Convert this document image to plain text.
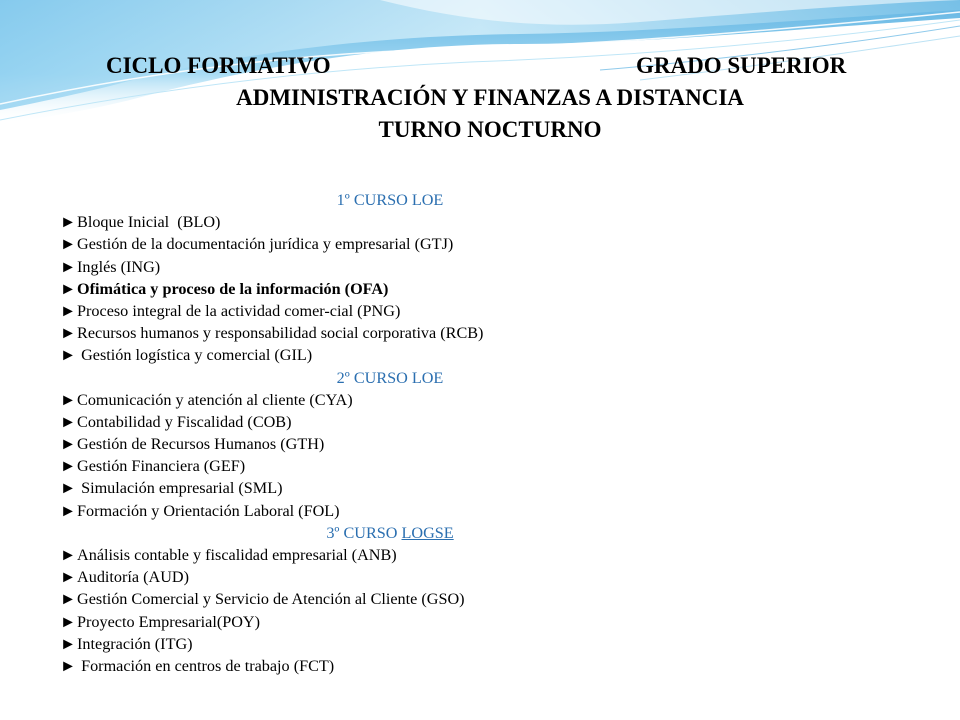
CICLO FORMATIVO	GRADO SUPERIOR
ADMINISTRACIÓN Y FINANZAS A DISTANCIA
TURNO NOCTURNO
1º CURSO LOE
►Bloque Inicial  (BLO)
►Gestión de la documentación jurídica y empresarial (GTJ)
►Inglés (ING)
►Ofimática y proceso de la información (OFA)
►Proceso integral de la actividad comer-cial (PNG)
►Recursos humanos y responsabilidad social corporativa (RCB)
► Gestión logística y comercial (GIL)
2º CURSO LOE
►Comunicación y atención al cliente (CYA)
►Contabilidad y Fiscalidad (COB)
►Gestión de Recursos Humanos (GTH)
►Gestión Financiera (GEF)
► Simulación empresarial (SML)
►Formación y Orientación Laboral (FOL)
3º CURSO LOGSE
►Análisis contable y fiscalidad empresarial (ANB)
►Auditoría (AUD)
►Gestión Comercial y Servicio de Atención al Cliente (GSO)
►Proyecto Empresarial(POY)
►Integración (ITG)
► Formación en centros de trabajo (FCT)
